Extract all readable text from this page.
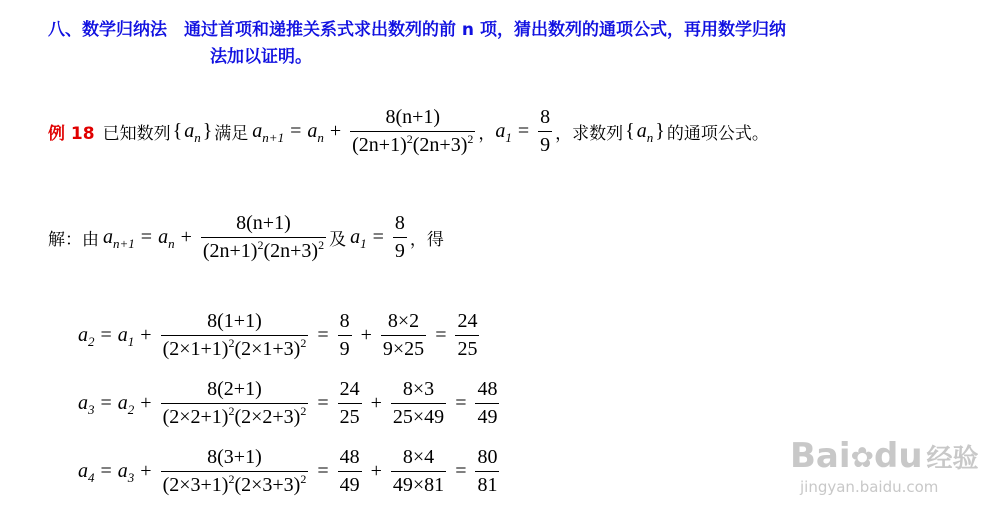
八、数学归纳法　通过首项和递推关系式求出数列的前 n 项，猜出数列的通项公式，再用数学归纳
法加以证明。
例 18 已知数列 { a n } 满足 a n+1 = a $n + \frac{8(n+1)}{(2n+1)^2(2n+3)^2}$ ， a $1 = \frac{8}{9}$ ，求数列 { a n } 的通项公式。
解：由 a n+1 = a $n + \frac{8(n+1)}{(2n+1)^2(2n+3)^2}$ 及 a $1 = \frac{8}{9}$ ，得
a 2 = a $1 + \frac{8(1+1)}{(2\times 1+1)^2(2\times 1+3)^2} = \frac{8}{9} + \frac{8\times 2}{9\times 25} = \frac{24}{25}$
a 3 = a $2 + \frac{8(2+1)}{(2\times 2+1)^2(2\times 2+3)^2} = \frac{24}{25} + \frac{8\times 3}{25\times 49} = \frac{48}{49}$
a 4 = a $3 + \frac{8(3+1)}{(2\times 3+1)^2(2\times 3+3)^2} = \frac{48}{49} + \frac{8\times 4}{49\times 81} = \frac{80}{81}$	Bai✿du 经验
jingyan.baidu.com
